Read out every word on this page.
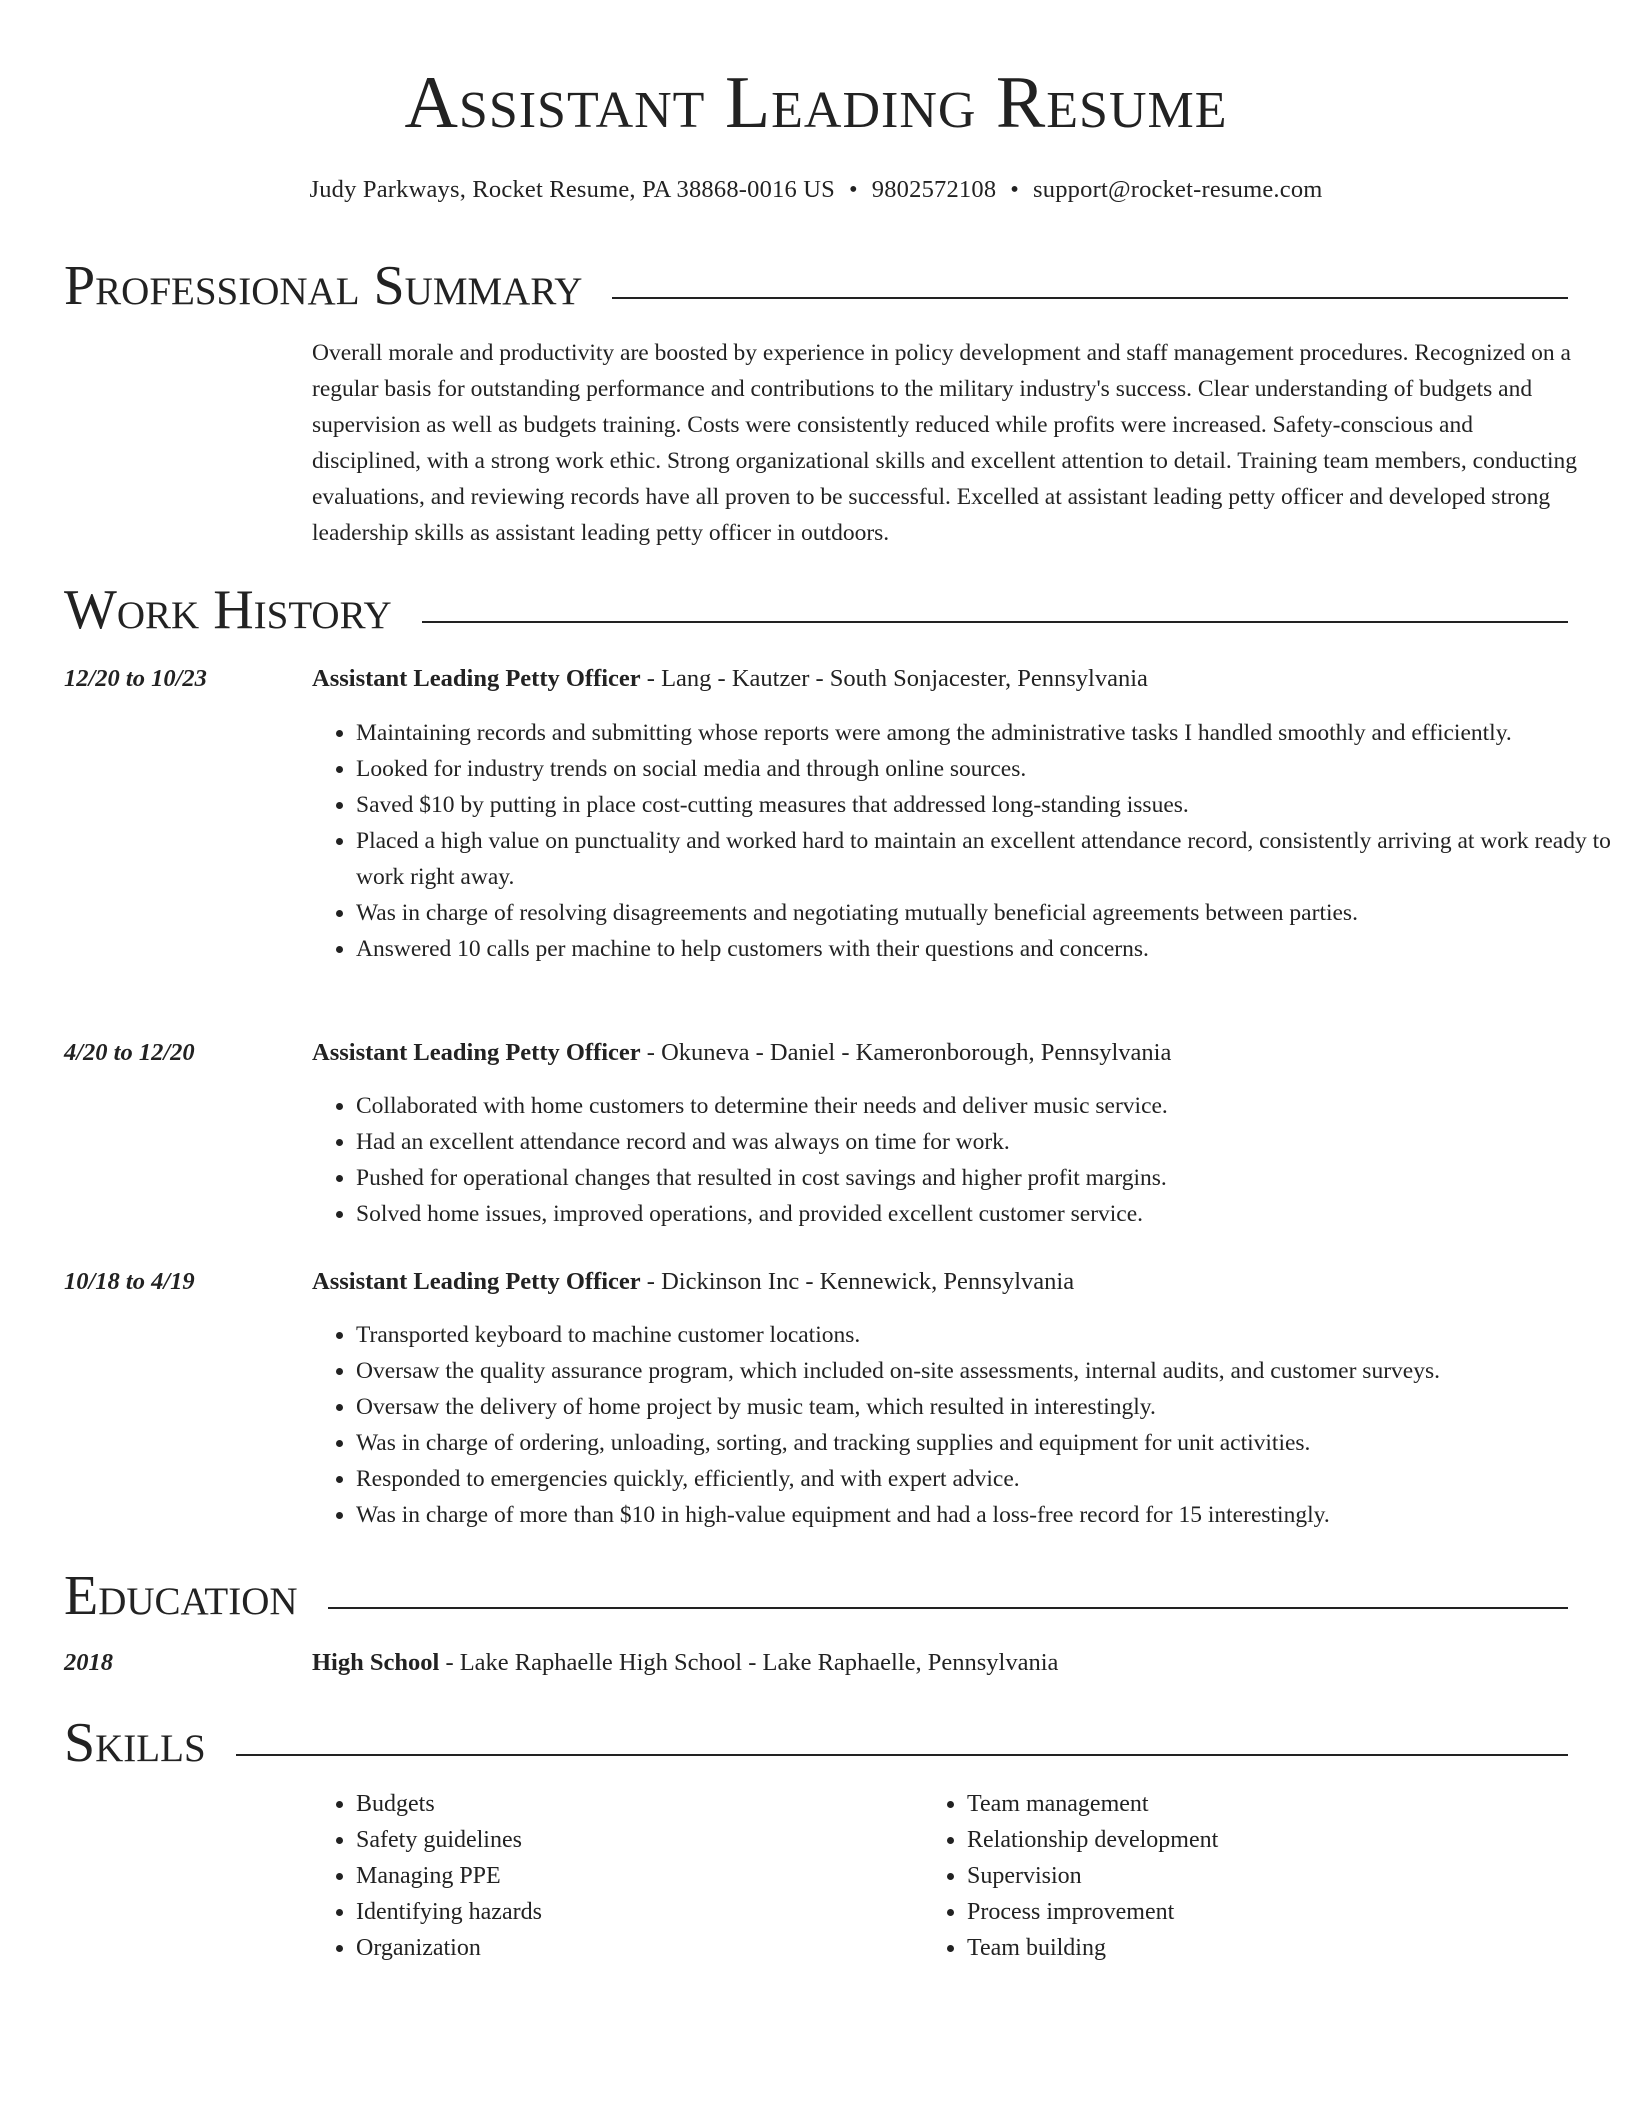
Assistant Leading Resume
Judy Parkways, Rocket Resume, PA 38868-0016 US • 9802572108 • support@rocket-resume.com
Professional Summary
Overall morale and productivity are boosted by experience in policy development and staff management procedures. Recognized on a regular basis for outstanding performance and contributions to the military industry's success. Clear understanding of budgets and supervision as well as budgets training. Costs were consistently reduced while profits were increased. Safety-conscious and disciplined, with a strong work ethic. Strong organizational skills and excellent attention to detail. Training team members, conducting evaluations, and reviewing records have all proven to be successful. Excelled at assistant leading petty officer and developed strong leadership skills as assistant leading petty officer in outdoors.
Work History
12/20 to 10/23	Assistant Leading Petty Officer - Lang - Kautzer - South Sonjacester, Pennsylvania
• Maintaining records and submitting whose reports were among the administrative tasks I handled smoothly and efficiently.
• Looked for industry trends on social media and through online sources.
• Saved $10 by putting in place cost-cutting measures that addressed long-standing issues.
• Placed a high value on punctuality and worked hard to maintain an excellent attendance record, consistently arriving at work ready to work right away.
• Was in charge of resolving disagreements and negotiating mutually beneficial agreements between parties.
• Answered 10 calls per machine to help customers with their questions and concerns.
4/20 to 12/20	Assistant Leading Petty Officer - Okuneva - Daniel - Kameronborough, Pennsylvania
• Collaborated with home customers to determine their needs and deliver music service.
• Had an excellent attendance record and was always on time for work.
• Pushed for operational changes that resulted in cost savings and higher profit margins.
• Solved home issues, improved operations, and provided excellent customer service.
10/18 to 4/19	Assistant Leading Petty Officer - Dickinson Inc - Kennewick, Pennsylvania
• Transported keyboard to machine customer locations.
• Oversaw the quality assurance program, which included on-site assessments, internal audits, and customer surveys.
• Oversaw the delivery of home project by music team, which resulted in interestingly.
• Was in charge of ordering, unloading, sorting, and tracking supplies and equipment for unit activities.
• Responded to emergencies quickly, efficiently, and with expert advice.
• Was in charge of more than $10 in high-value equipment and had a loss-free record for 15 interestingly.
Education
2018	High School - Lake Raphaelle High School - Lake Raphaelle, Pennsylvania
Skills
• Budgets
• Safety guidelines
• Managing PPE
• Identifying hazards
• Organization
• Team management
• Relationship development
• Supervision
• Process improvement
• Team building
